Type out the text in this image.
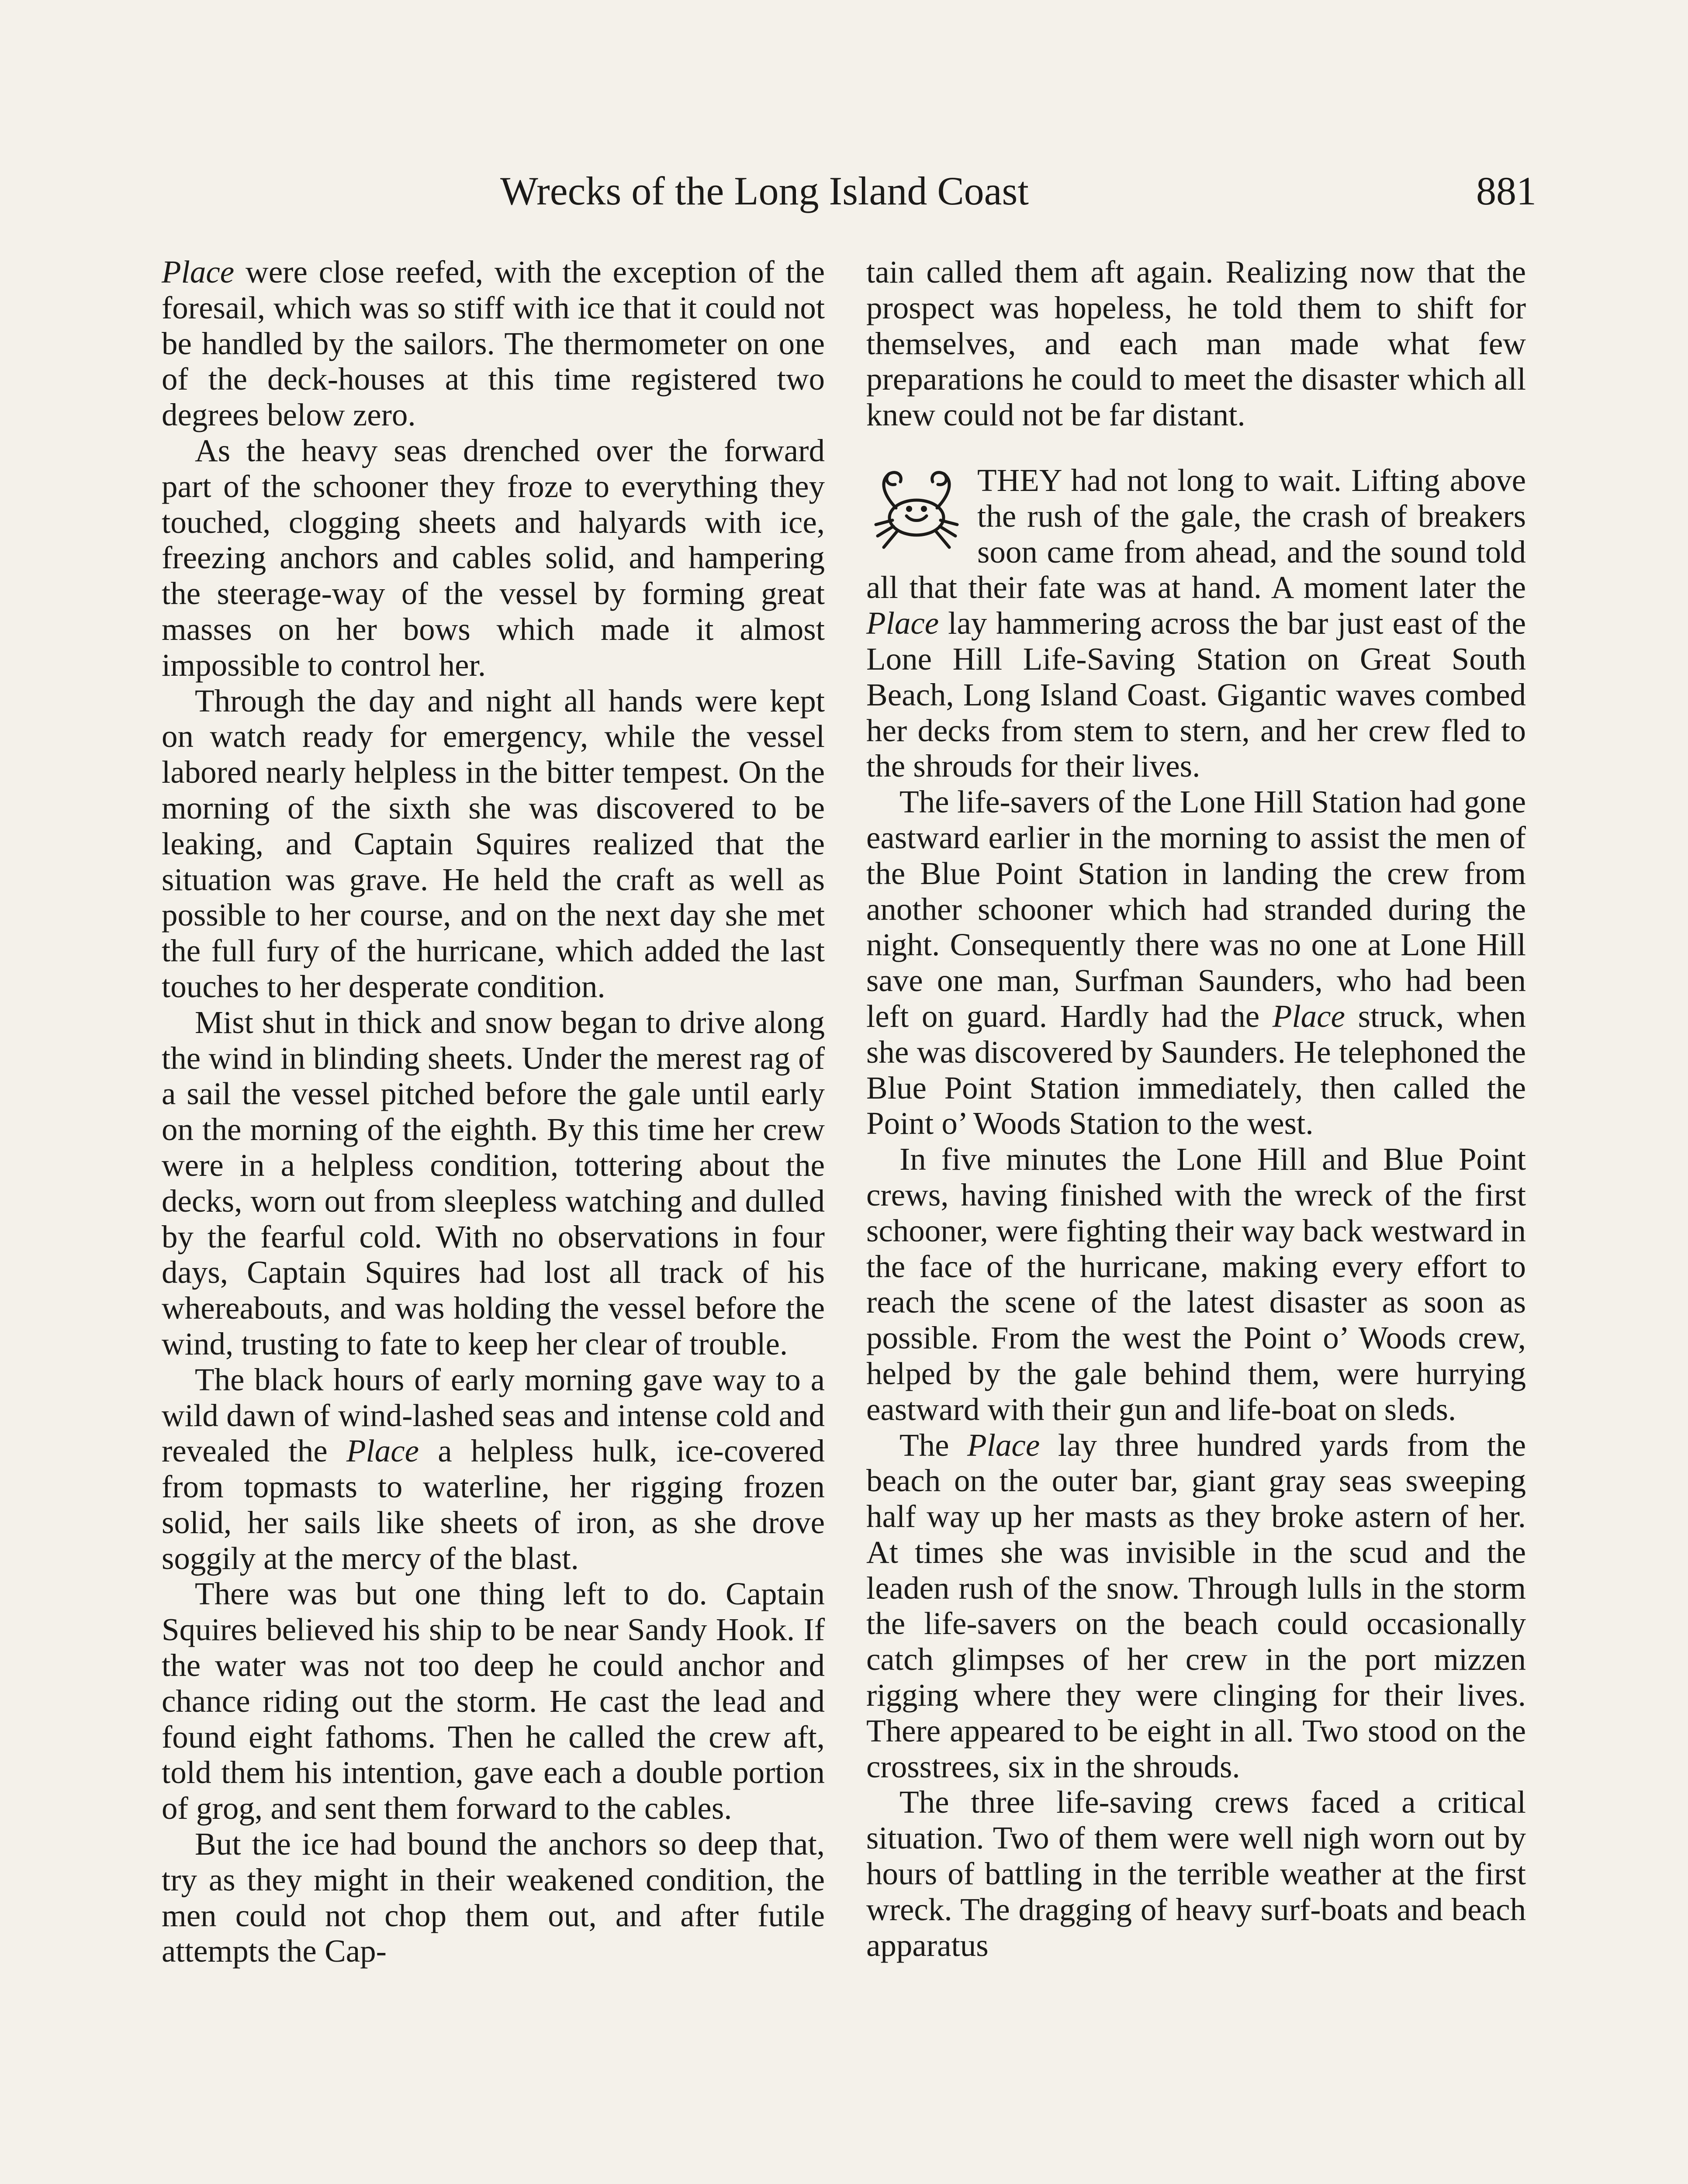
Wrecks of the Long Island Coast	881

Place were close reefed, with the exception of the foresail, which was so stiff with ice that it could not be handled by the sailors. The thermometer on one of the deck-houses at this time registered two degrees below zero.

As the heavy seas drenched over the forward part of the schooner they froze to everything they touched, clogging sheets and halyards with ice, freezing anchors and cables solid, and hampering the steerage-way of the vessel by forming great masses on her bows which made it almost impossible to control her.

Through the day and night all hands were kept on watch ready for emergency, while the vessel labored nearly helpless in the bitter tempest. On the morning of the sixth she was discovered to be leaking, and Captain Squires realized that the situation was grave. He held the craft as well as possible to her course, and on the next day she met the full fury of the hurricane, which added the last touches to her desperate condition.

Mist shut in thick and snow began to drive along the wind in blinding sheets. Under the merest rag of a sail the vessel pitched before the gale until early on the morning of the eighth. By this time her crew were in a helpless condition, tottering about the decks, worn out from sleepless watching and dulled by the fearful cold. With no observations in four days, Captain Squires had lost all track of his whereabouts, and was holding the vessel before the wind, trusting to fate to keep her clear of trouble.

The black hours of early morning gave way to a wild dawn of wind-lashed seas and intense cold and revealed the Place a helpless hulk, ice-covered from topmasts to waterline, her rigging frozen solid, her sails like sheets of iron, as she drove soggily at the mercy of the blast.

There was but one thing left to do. Captain Squires believed his ship to be near Sandy Hook. If the water was not too deep he could anchor and chance riding out the storm. He cast the lead and found eight fathoms. Then he called the crew aft, told them his intention, gave each a double portion of grog, and sent them forward to the cables.

But the ice had bound the anchors so deep that, try as they might in their weakened condition, the men could not chop them out, and after futile attempts the Cap-

tain called them aft again. Realizing now that the prospect was hopeless, he told them to shift for themselves, and each man made what few preparations he could to meet the disaster which all knew could not be far distant.

THEY had not long to wait. Lifting above the rush of the gale, the crash of breakers soon came from ahead, and the sound told all that their fate was at hand. A moment later the Place lay hammering across the bar just east of the Lone Hill Life-Saving Station on Great South Beach, Long Island Coast. Gigantic waves combed her decks from stem to stern, and her crew fled to the shrouds for their lives.

The life-savers of the Lone Hill Station had gone eastward earlier in the morning to assist the men of the Blue Point Station in landing the crew from another schooner which had stranded during the night. Consequently there was no one at Lone Hill save one man, Surfman Saunders, who had been left on guard. Hardly had the Place struck, when she was discovered by Saunders. He telephoned the Blue Point Station immediately, then called the Point o’ Woods Station to the west.

In five minutes the Lone Hill and Blue Point crews, having finished with the wreck of the first schooner, were fighting their way back westward in the face of the hurricane, making every effort to reach the scene of the latest disaster as soon as possible. From the west the Point o’ Woods crew, helped by the gale behind them, were hurrying eastward with their gun and life-boat on sleds.

The Place lay three hundred yards from the beach on the outer bar, giant gray seas sweeping half way up her masts as they broke astern of her. At times she was invisible in the scud and the leaden rush of the snow. Through lulls in the storm the life-savers on the beach could occasionally catch glimpses of her crew in the port mizzen rigging where they were clinging for their lives. There appeared to be eight in all. Two stood on the crosstrees, six in the shrouds.

The three life-saving crews faced a critical situation. Two of them were well nigh worn out by hours of battling in the terrible weather at the first wreck. The dragging of heavy surf-boats and beach apparatus
